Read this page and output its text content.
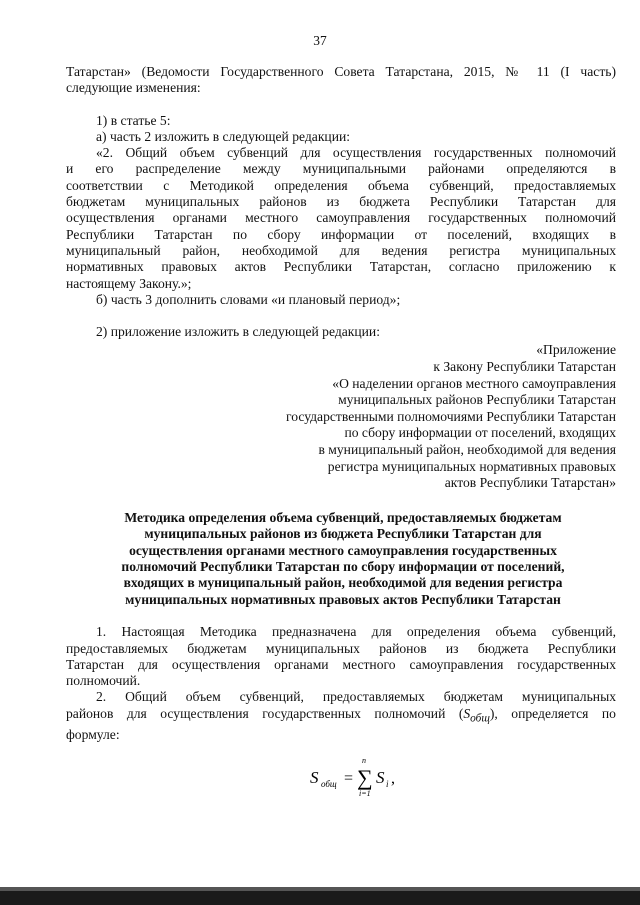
37

Татарстан» (Ведомости Государственного Совета Татарстана, 2015, № 11 (I часть)

следующие изменения:

1) в статье 5:

а) часть 2 изложить в следующей редакции:

«2. Общий объем субвенций для осуществления государственных полномочий

и его распределение между муниципальными районами определяются в

соответствии с Методикой определения объема субвенций, предоставляемых

бюджетам муниципальных районов из бюджета Республики Татарстан для

осуществления органами местного самоуправления государственных полномочий

Республики Татарстан по сбору информации от поселений, входящих в

муниципальный район, необходимой для ведения регистра муниципальных

нормативных правовых актов Республики Татарстан, согласно приложению к

настоящему Закону.»;

б) часть 3 дополнить словами «и плановый период»;

2) приложение изложить в следующей редакции:

«Приложение
к Закону Республики Татарстан
«О наделении органов местного самоуправления
муниципальных районов Республики Татарстан
государственными полномочиями Республики Татарстан
по сбору информации от поселений, входящих
в муниципальный район, необходимой для ведения
регистра муниципальных нормативных правовых
актов Республики Татарстан»
Методика определения объема субвенций, предоставляемых бюджетам
муниципальных районов из бюджета Республики Татарстан для
осуществления органами местного самоуправления государственных
полномочий Республики Татарстан по сбору информации от поселений,
входящих в муниципальный район, необходимой для ведения регистра
муниципальных нормативных правовых актов Республики Татарстан

1. Настоящая Методика предназначена для определения объема субвенций,

предоставляемых бюджетам муниципальных районов из бюджета Республики

Татарстан для осуществления органами местного самоуправления государственных

полномочий.

2. Общий объем субвенций, предоставляемых бюджетам муниципальных

районов для осуществления государственных полномочий $(S_{общ})$, определяется по

формуле:

S общ =
n
∑
i=1
S i ,
